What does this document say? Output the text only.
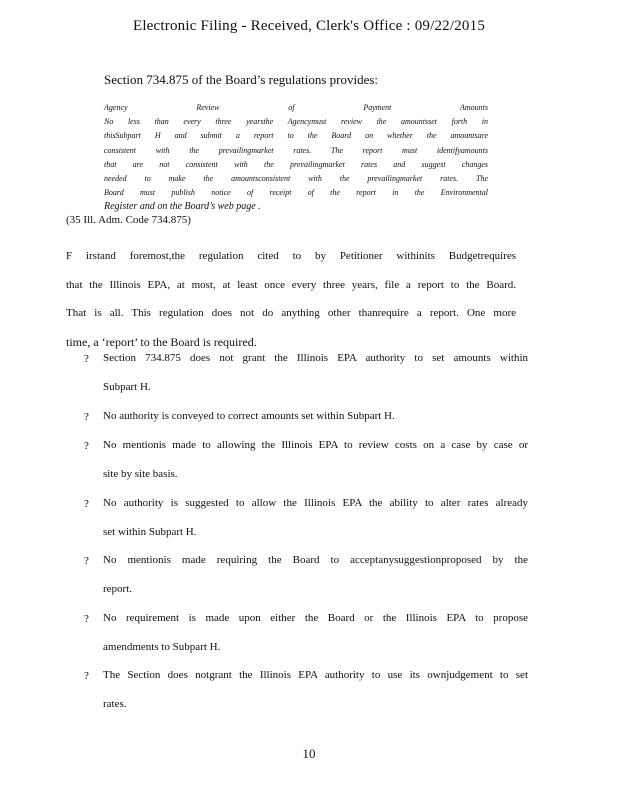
Electronic Filing - Received, Clerk's Office : 09/22/2015
Section 734.875 of the Board’s regulations provides:
Agency Review of Payment Amounts
No less than every three yearsthe Agencymust review the amountsset forth in
thisSubpart H and submit a report to the Board on whether the amountsare
consistent with the prevailingmarket rates. The report must identifyamounts
that are not consistent with the prevailingmarket rates and suggest changes
needed to make the amountsconsistent with the prevailingmarket rates. The
Board must publish notice of receipt of the report in the Environmental
Register and on the Board’s web page .
(35 Ill. Adm. Code 734.875)
F irstand foremost,the regulation cited to by Petitioner withinits Budgetrequires
that the Illinois EPA, at most, at least once every three years, file a report to the Board.
That is all. This regulation does not do anything other thanrequire a report. One more
time, a ‘report’ to the Board is required.
?	Section 734.875 does not grant the Illinois EPA authority to set amounts within
Subpart H.
?	No authority is conveyed to correct amounts set within Subpart H.
?	No mentionis made to allowing the Illinois EPA to review costs on a case by case or
site by site basis.
?	No authority is suggested to allow the Illinois EPA the ability to alter rates already
set within Subpart H.
?	No mentionis made requiring the Board to acceptanysuggestionproposed by the
report.
?	No requirement is made upon either the Board or the Illinois EPA to propose
amendments to Subpart H.
?	The Section does notgrant the Illinois EPA authority to use its ownjudgement to set
rates.
10
